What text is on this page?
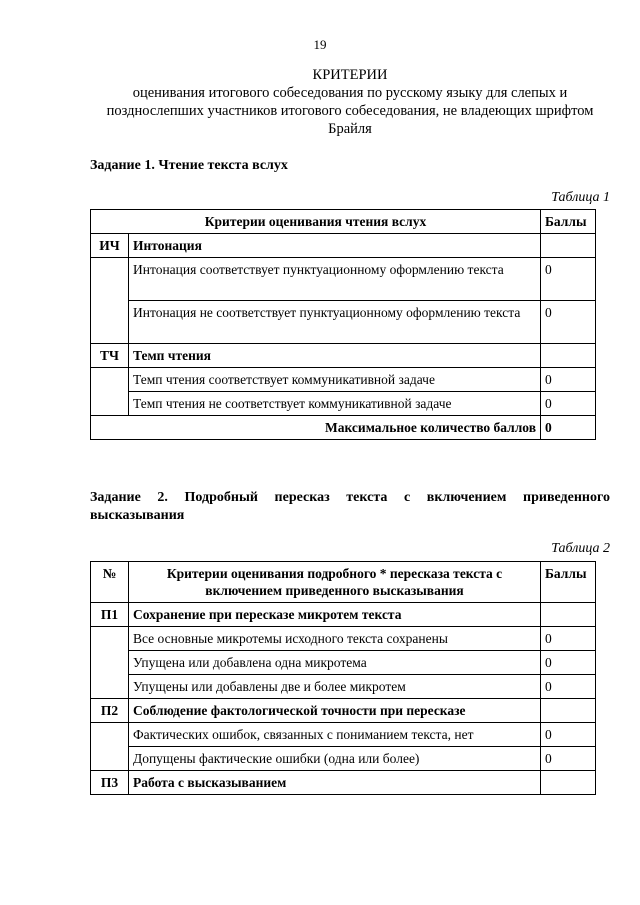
19
КРИТЕРИИ
оценивания итогового собеседования по русскому языку для слепых и позднослепших участников итогового собеседования, не владеющих шрифтом Брайля
Задание 1. Чтение текста вслух
Таблица 1
Критерии оценивания чтения вслух		Баллы
ИЧ	Интонация	
	Интонация соответствует пунктуационному оформлению текста	0
	Интонация не соответствует пунктуационному оформлению текста	0
ТЧ	Темп чтения	
	Темп чтения соответствует коммуникативной задаче	0
	Темп чтения не соответствует коммуникативной задаче	0
Максимальное количество баллов		0
Задание 2. Подробный пересказ текста с включением приведенного высказывания
Таблица 2
№	Критерии оценивания подробного * пересказа текста с включением приведенного высказывания	Баллы
П1	Сохранение при пересказе микротем текста	
	Все основные микротемы исходного текста сохранены	0
	Упущена или добавлена одна микротема	0
	Упущены или добавлены две и более микротем	0
П2	Соблюдение фактологической точности при пересказе	
	Фактических ошибок, связанных с пониманием текста, нет	0
	Допущены фактические ошибки (одна или более)	0
П3	Работа с высказыванием	
